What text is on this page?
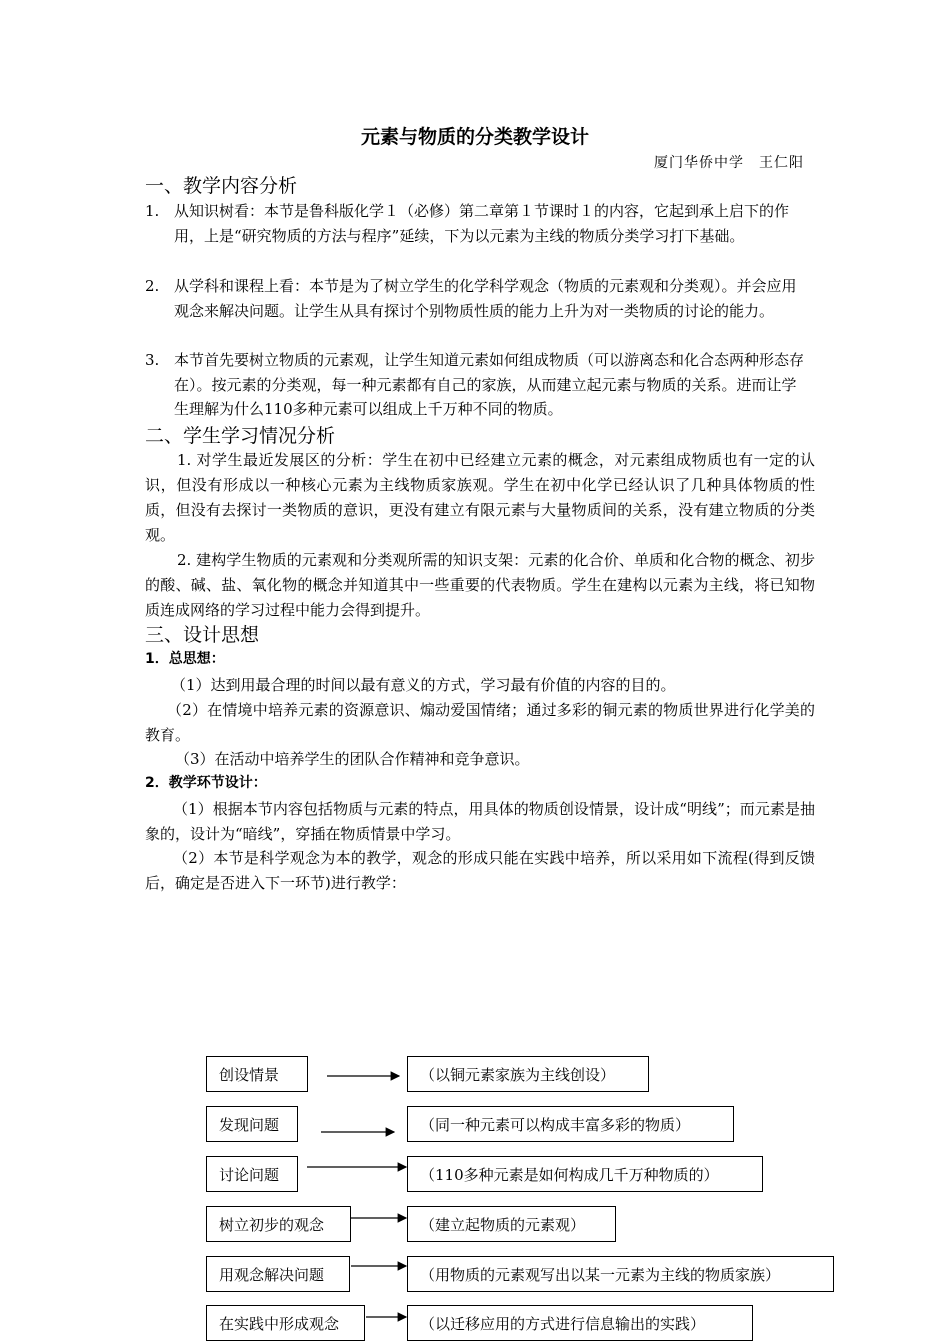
元素与物质的分类教学设计
厦门华侨中学　王仁阳
一、教学内容分析
1. 从知识树看：本节是鲁科版化学１（必修）第二章第１节课时１的内容，它起到承上启下的作用，上是“研究物质的方法与程序”延续，下为以元素为主线的物质分类学习打下基础。
2. 从学科和课程上看：本节是为了树立学生的化学科学观念（物质的元素观和分类观）。并会应用观念来解决问题。让学生从具有探讨个别物质性质的能力上升为对一类物质的讨论的能力。
3. 本节首先要树立物质的元素观，让学生知道元素如何组成物质（可以游离态和化合态两种形态存在）。按元素的分类观，每一种元素都有自己的家族，从而建立起元素与物质的关系。进而让学生理解为什么110多种元素可以组成上千万种不同的物质。
二、学生学习情况分析
1. 对学生最近发展区的分析：学生在初中已经建立元素的概念，对元素组成物质也有一定的认识，但没有形成以一种核心元素为主线物质家族观。学生在初中化学已经认识了几种具体物质的性质，但没有去探讨一类物质的意识，更没有建立有限元素与大量物质间的关系，没有建立物质的分类观。
2. 建构学生物质的元素观和分类观所需的知识支架：元素的化合价、单质和化合物的概念、初步的酸、碱、盐、氧化物的概念并知道其中一些重要的代表物质。学生在建构以元素为主线，将已知物质连成网络的学习过程中能力会得到提升。
三、设计思想
1．总思想：
（1）达到用最合理的时间以最有意义的方式，学习最有价值的内容的目的。
（2）在情境中培养元素的资源意识、煽动爱国情绪；通过多彩的铜元素的物质世界进行化学美的教育。
（3）在活动中培养学生的团队合作精神和竞争意识。
2．教学环节设计：
（1）根据本节内容包括物质与元素的特点，用具体的物质创设情景，设计成“明线”；而元素是抽象的，设计为“暗线”，穿插在物质情景中学习。
（2）本节是科学观念为本的教学，观念的形成只能在实践中培养，所以采用如下流程(得到反馈后，确定是否进入下一环节)进行教学：
创设情景
发现问题
讨论问题
树立初步的观念
用观念解决问题
在实践中形成观念
（以铜元素家族为主线创设）
（同一种元素可以构成丰富多彩的物质）
（110多种元素是如何构成几千万种物质的）
（建立起物质的元素观）
（用物质的元素观写出以某一元素为主线的物质家族）
（以迁移应用的方式进行信息输出的实践）
